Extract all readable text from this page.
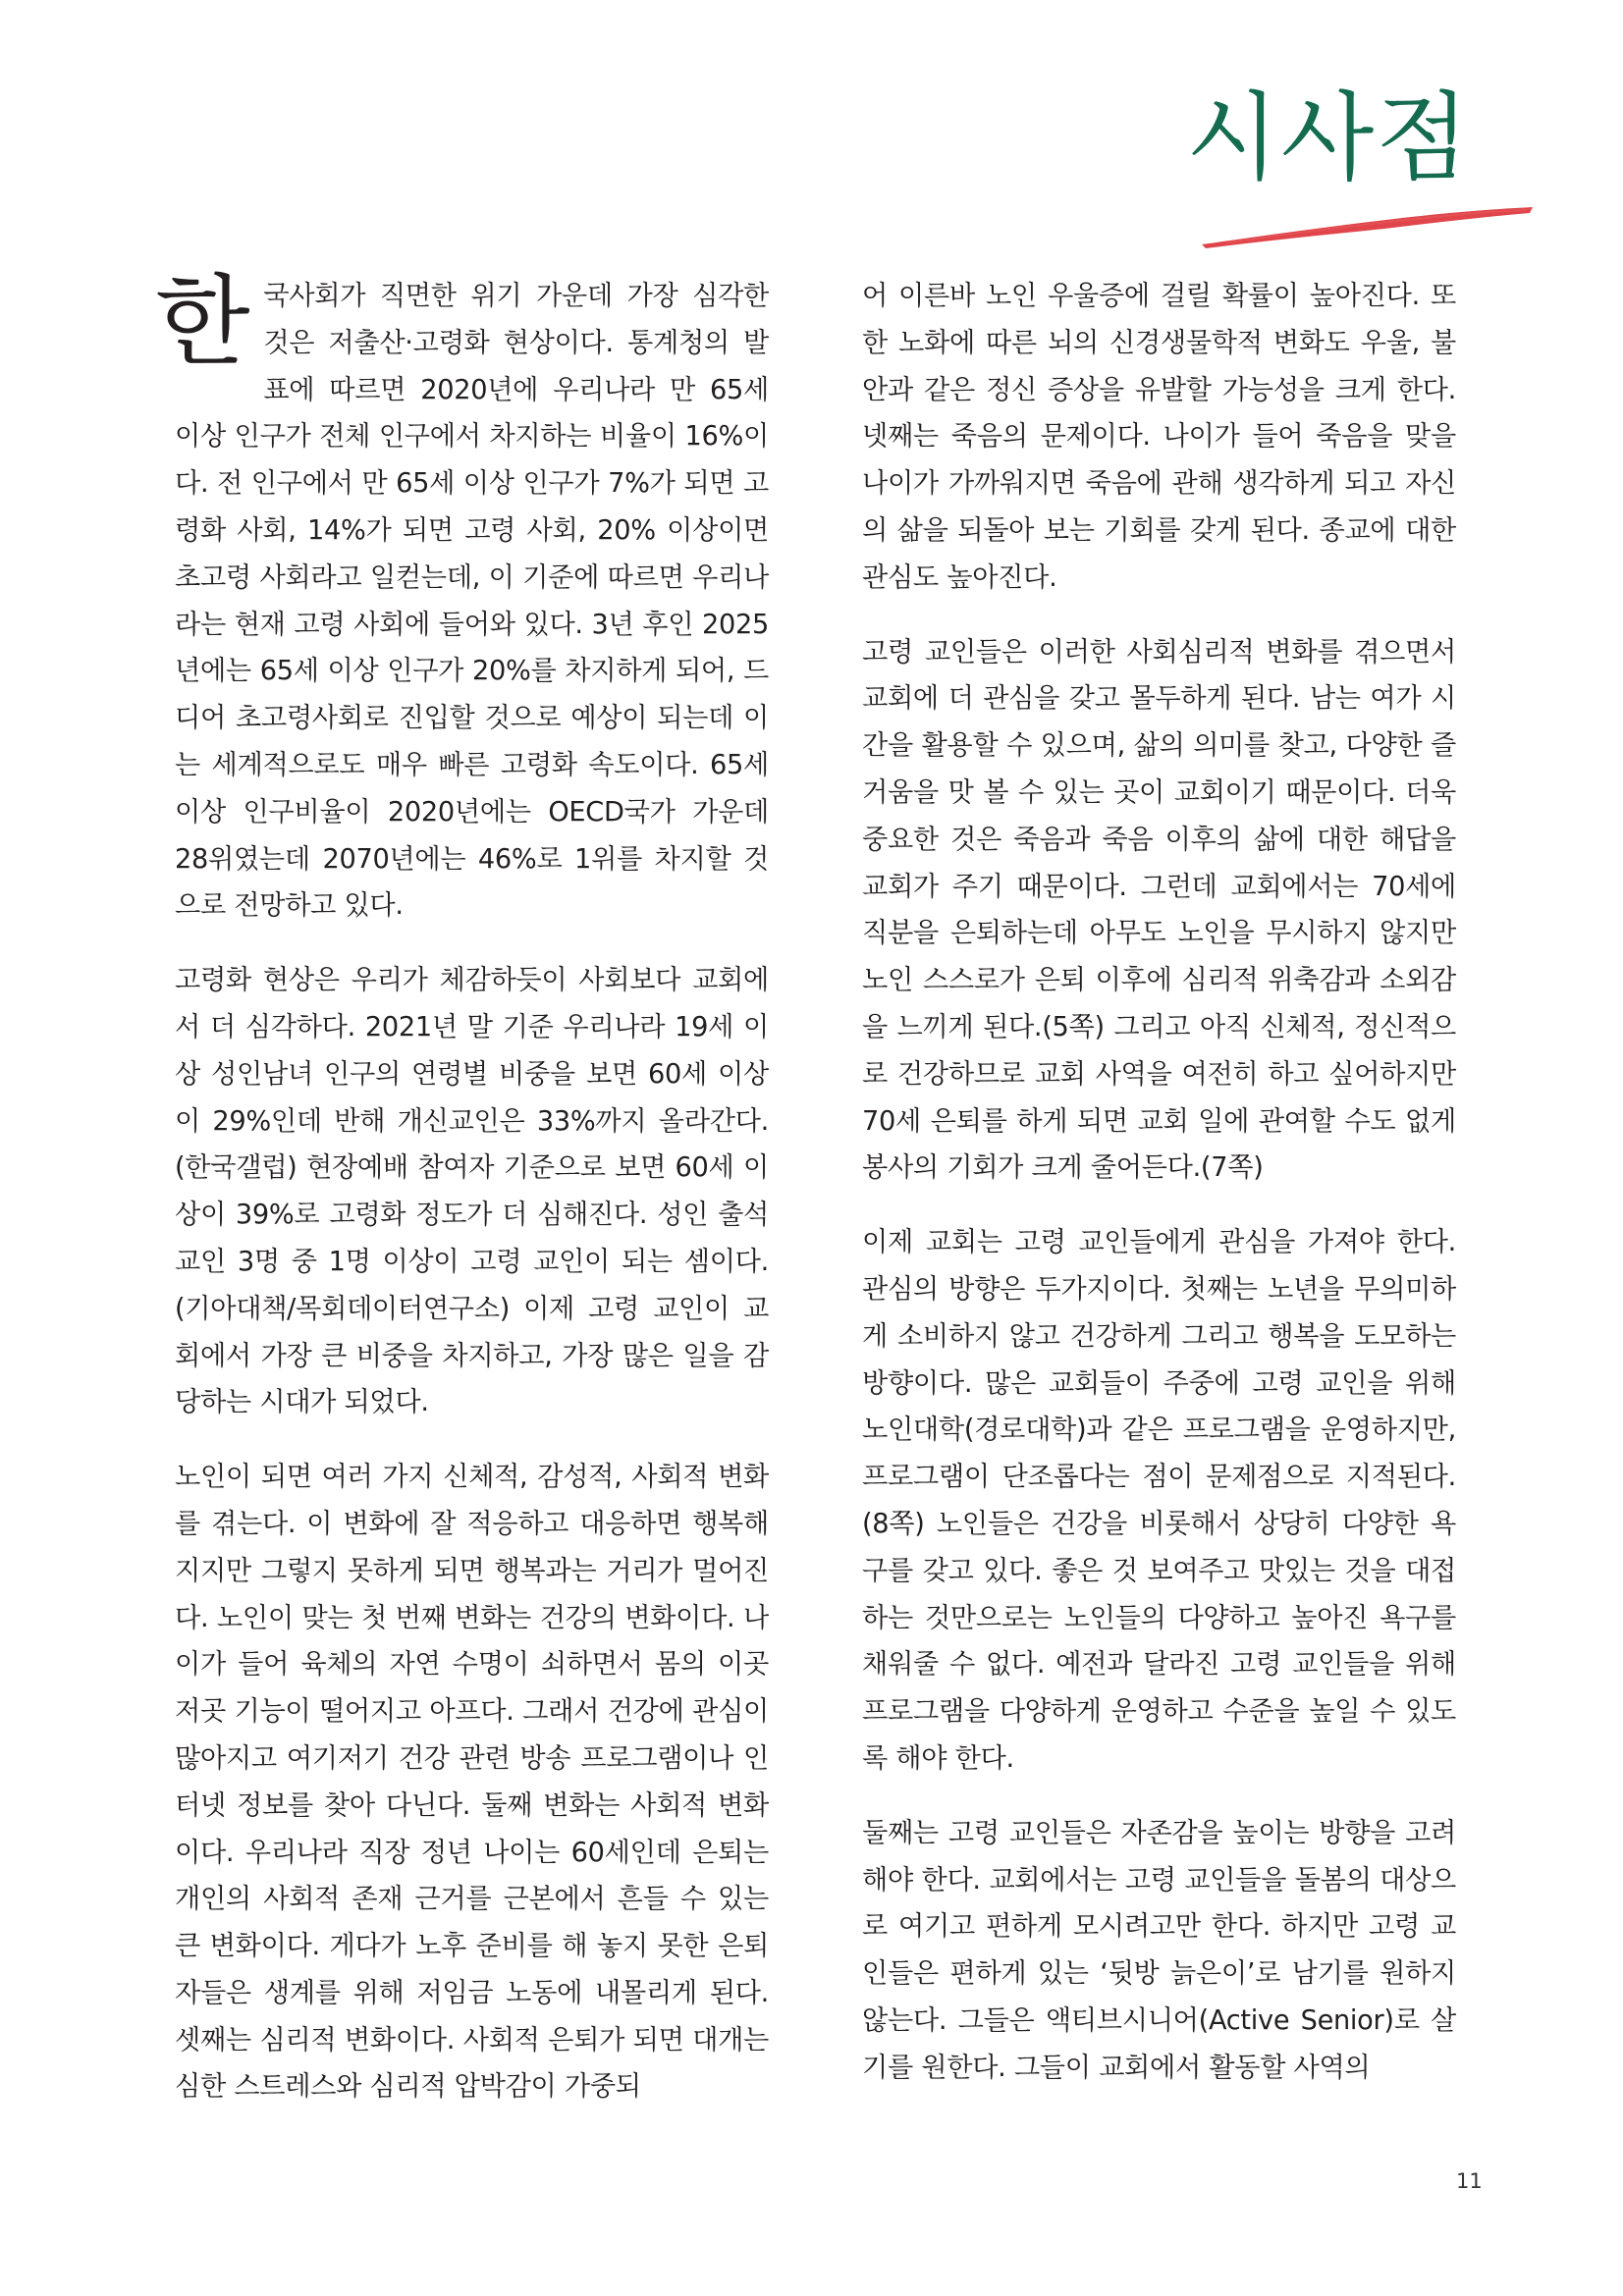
시사점

한국사회가 직면한 위기 가운데 가장 심각한 것은 저출산·고령화 현상이다. 통계청의 발표에 따르면 2020년에 우리나라 만 65세 이상 인구가 전체 인구에서 차지하는 비율이 16%이다. 전 인구에서 만 65세 이상 인구가 7%가 되면 고령화 사회, 14%가 되면 고령 사회, 20% 이상이면 초고령 사회라고 일컫는데, 이 기준에 따르면 우리나라는 현재 고령 사회에 들어와 있다. 3년 후인 2025년에는 65세 이상 인구가 20%를 차지하게 되어, 드디어 초고령사회로 진입할 것으로 예상이 되는데 이는 세계적으로도 매우 빠른 고령화 속도이다. 65세 이상 인구비율이 2020년에는 OECD국가 가운데 28위였는데 2070년에는 46%로 1위를 차지할 것으로 전망하고 있다.

고령화 현상은 우리가 체감하듯이 사회보다 교회에서 더 심각하다. 2021년 말 기준 우리나라 19세 이상 성인남녀 인구의 연령별 비중을 보면 60세 이상이 29%인데 반해 개신교인은 33%까지 올라간다.(한국갤럽) 현장예배 참여자 기준으로 보면 60세 이상이 39%로 고령화 정도가 더 심해진다. 성인 출석교인 3명 중 1명 이상이 고령 교인이 되는 셈이다.(기아대책/목회데이터연구소) 이제 고령 교인이 교회에서 가장 큰 비중을 차지하고, 가장 많은 일을 감당하는 시대가 되었다.

노인이 되면 여러 가지 신체적, 감성적, 사회적 변화를 겪는다. 이 변화에 잘 적응하고 대응하면 행복해지지만 그렇지 못하게 되면 행복과는 거리가 멀어진다. 노인이 맞는 첫 번째 변화는 건강의 변화이다. 나이가 들어 육체의 자연 수명이 쇠하면서 몸의 이곳 저곳 기능이 떨어지고 아프다. 그래서 건강에 관심이 많아지고 여기저기 건강 관련 방송 프로그램이나 인터넷 정보를 찾아 다닌다. 둘째 변화는 사회적 변화이다. 우리나라 직장 정년 나이는 60세인데 은퇴는 개인의 사회적 존재 근거를 근본에서 흔들 수 있는 큰 변화이다. 게다가 노후 준비를 해 놓지 못한 은퇴자들은 생계를 위해 저임금 노동에 내몰리게 된다. 셋째는 심리적 변화이다. 사회적 은퇴가 되면 대개는 심한 스트레스와 심리적 압박감이 가중되

어 이른바 노인 우울증에 걸릴 확률이 높아진다. 또한 노화에 따른 뇌의 신경생물학적 변화도 우울, 불안과 같은 정신 증상을 유발할 가능성을 크게 한다. 넷째는 죽음의 문제이다. 나이가 들어 죽음을 맞을 나이가 가까워지면 죽음에 관해 생각하게 되고 자신의 삶을 되돌아 보는 기회를 갖게 된다. 종교에 대한 관심도 높아진다.

고령 교인들은 이러한 사회심리적 변화를 겪으면서 교회에 더 관심을 갖고 몰두하게 된다. 남는 여가 시간을 활용할 수 있으며, 삶의 의미를 찾고, 다양한 즐거움을 맛 볼 수 있는 곳이 교회이기 때문이다. 더욱 중요한 것은 죽음과 죽음 이후의 삶에 대한 해답을 교회가 주기 때문이다. 그런데 교회에서는 70세에 직분을 은퇴하는데 아무도 노인을 무시하지 않지만 노인 스스로가 은퇴 이후에 심리적 위축감과 소외감을 느끼게 된다.(5쪽) 그리고 아직 신체적, 정신적으로 건강하므로 교회 사역을 여전히 하고 싶어하지만 70세 은퇴를 하게 되면 교회 일에 관여할 수도 없게 봉사의 기회가 크게 줄어든다.(7쪽)

이제 교회는 고령 교인들에게 관심을 가져야 한다. 관심의 방향은 두가지이다. 첫째는 노년을 무의미하게 소비하지 않고 건강하게 그리고 행복을 도모하는 방향이다. 많은 교회들이 주중에 고령 교인을 위해 노인대학(경로대학)과 같은 프로그램을 운영하지만, 프로그램이 단조롭다는 점이 문제점으로 지적된다.(8쪽) 노인들은 건강을 비롯해서 상당히 다양한 욕구를 갖고 있다. 좋은 것 보여주고 맛있는 것을 대접하는 것만으로는 노인들의 다양하고 높아진 욕구를 채워줄 수 없다. 예전과 달라진 고령 교인들을 위해 프로그램을 다양하게 운영하고 수준을 높일 수 있도록 해야 한다.

둘째는 고령 교인들은 자존감을 높이는 방향을 고려해야 한다. 교회에서는 고령 교인들을 돌봄의 대상으로 여기고 편하게 모시려고만 한다. 하지만 고령 교인들은 편하게 있는 ‘뒷방 늙은이’로 남기를 원하지 않는다. 그들은 액티브시니어(Active Senior)로 살기를 원한다. 그들이 교회에서 활동할 사역의

11
